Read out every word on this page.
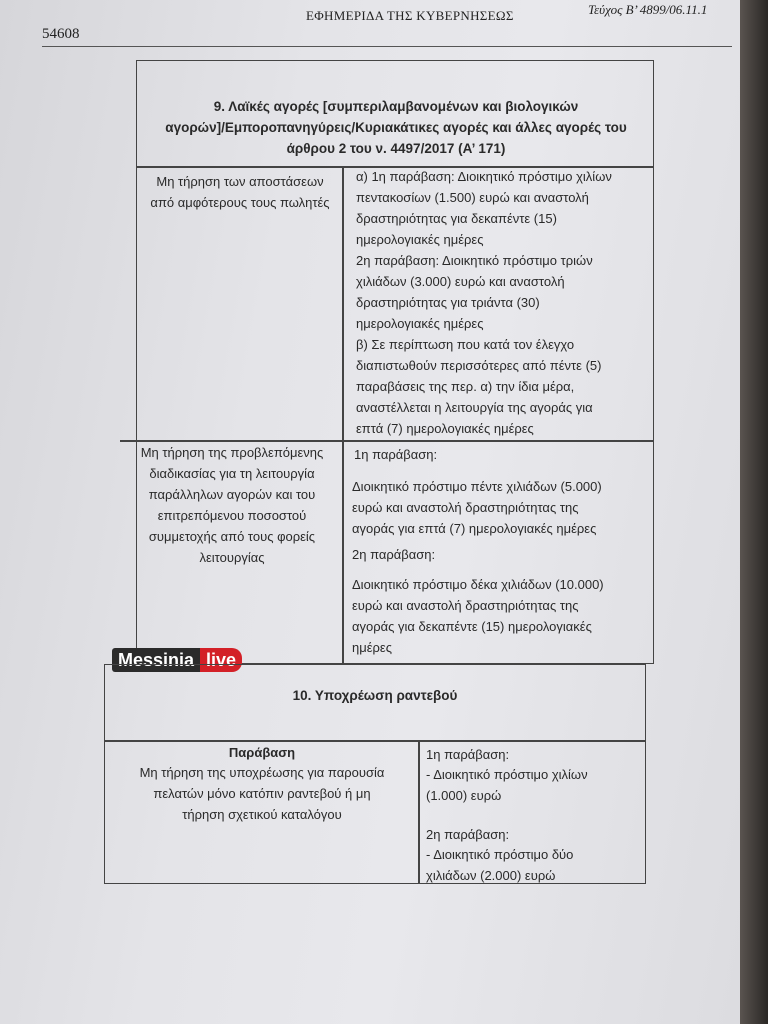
54608
ΕΦΗΜΕΡΙΔΑ ΤΗΣ ΚΥΒΕΡΝΗΣΕΩΣ	Τεύχος Β’ 4899/06.11.1
9. Λαϊκές αγορές [συμπεριλαμβανομένων και βιολογικών
αγορών]/Εμποροπανηγύρεις/Κυριακάτικες αγορές και άλλες αγορές του
άρθρου 2 του ν. 4497/2017 (Α’ 171)
Μη τήρηση των αποστάσεων
από αμφότερους τους πωλητές
α) 1η παράβαση: Διοικητικό πρόστιμο χιλίων
πεντακοσίων (1.500) ευρώ και αναστολή
δραστηριότητας για δεκαπέντε (15)
ημερολογιακές ημέρες
2η παράβαση: Διοικητικό πρόστιμο τριών
χιλιάδων (3.000) ευρώ και αναστολή
δραστηριότητας για τριάντα (30)
ημερολογιακές ημέρες
β) Σε περίπτωση που κατά τον έλεγχο
διαπιστωθούν περισσότερες από πέντε (5)
παραβάσεις της περ. α) την ίδια μέρα,
αναστέλλεται η λειτουργία της αγοράς για
επτά (7) ημερολογιακές ημέρες
Μη τήρηση της προβλεπόμενης
διαδικασίας για τη λειτουργία
παράλληλων αγορών και του
επιτρεπόμενου ποσοστού
συμμετοχής από τους φορείς
λειτουργίας
1η παράβαση:
Διοικητικό πρόστιμο πέντε χιλιάδων (5.000)
ευρώ και αναστολή δραστηριότητας της
αγοράς για επτά (7) ημερολογιακές ημέρες
2η παράβαση:
Διοικητικό πρόστιμο δέκα χιλιάδων (10.000)
ευρώ και αναστολή δραστηριότητας της
αγοράς για δεκαπέντε (15) ημερολογιακές
ημέρες
Messinia live
10. Υποχρέωση ραντεβού
Παράβαση
Μη τήρηση της υποχρέωσης για παρουσία
πελατών μόνο κατόπιν ραντεβού ή μη
τήρηση σχετικού καταλόγου
1η παράβαση:
- Διοικητικό πρόστιμο χιλίων
(1.000) ευρώ
2η παράβαση:
- Διοικητικό πρόστιμο δύο
χιλιάδων (2.000) ευρώ
